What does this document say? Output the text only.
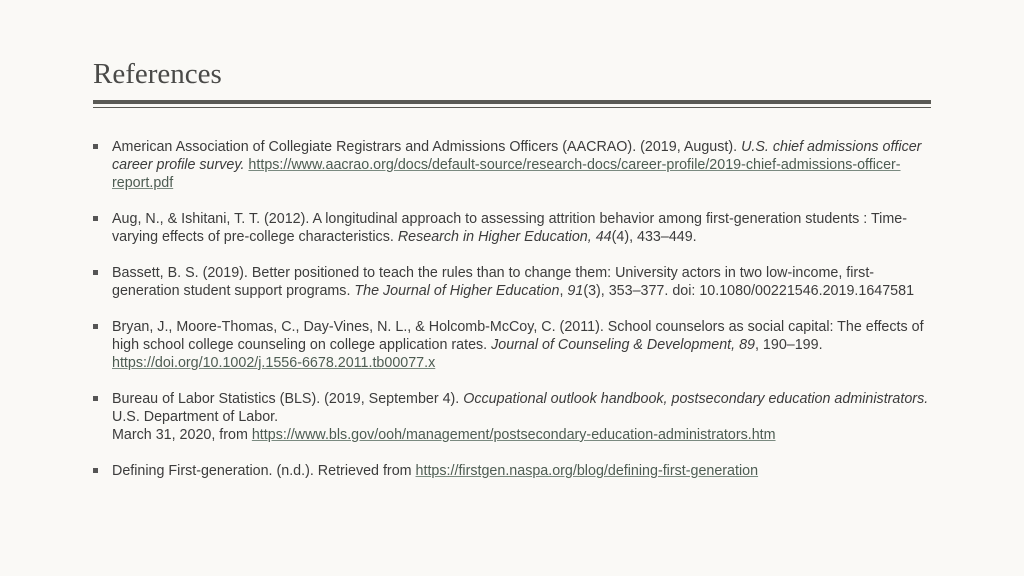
References
American Association of Collegiate Registrars and Admissions Officers (AACRAO). (2019, August). U.S. chief admissions officer career profile survey. https://www.aacrao.org/docs/default-source/research-docs/career-profile/2019-chief-admissions-officer-report.pdf
Aug, N., & Ishitani, T. T. (2012). A longitudinal approach to assessing attrition behavior among first-generation students : Time-varying effects of pre-college characteristics. Research in Higher Education, 44(4), 433–449.
Bassett, B. S. (2019). Better positioned to teach the rules than to change them: University actors in two low-income, first-generation student support programs. The Journal of Higher Education, 91(3), 353–377. doi: 10.1080/00221546.2019.1647581
Bryan, J., Moore-Thomas, C., Day-Vines, N. L., & Holcomb-McCoy, C. (2011). School counselors as social capital: The effects of high school college counseling on college application rates. Journal of Counseling & Development, 89, 190–199. https://doi.org/10.1002/j.1556-6678.2011.tb00077.x
Bureau of Labor Statistics (BLS). (2019, September 4). Occupational outlook handbook, postsecondary education administrators. U.S. Department of Labor.
March 31, 2020, from https://www.bls.gov/ooh/management/postsecondary-education-administrators.htm
Defining First-generation. (n.d.). Retrieved from https://firstgen.naspa.org/blog/defining-first-generation
